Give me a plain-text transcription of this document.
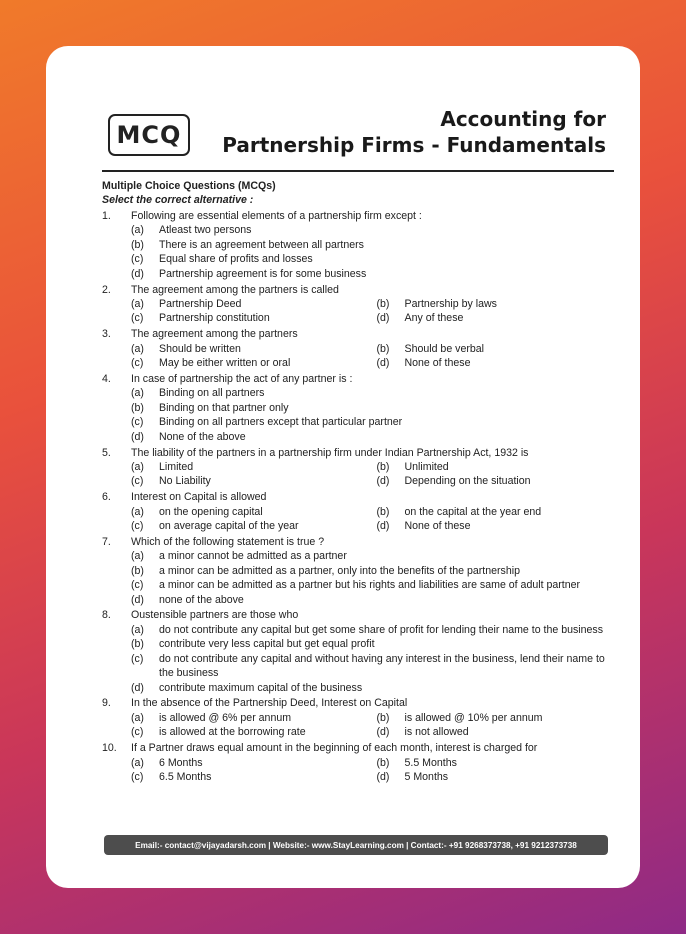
MCQ
Accounting for
Partnership Firms - Fundamentals
Multiple Choice Questions (MCQs)
Select the correct alternative :
1.	Following are essential elements of a partnership firm except :
(a)	Atleast two persons
(b)	There is an agreement between all partners
(c)	Equal share of profits and losses
(d)	Partnership agreement is for some business
2.	The agreement among the partners is called
(a)	Partnership Deed	(b)	Partnership by laws
(c)	Partnership constitution	(d)	Any of these
3.	The agreement among the partners
(a)	Should be written	(b)	Should be verbal
(c)	May be either written or oral	(d)	None of these
4.	In case of partnership the act of any partner is :
(a)	Binding on all partners
(b)	Binding on that partner only
(c)	Binding on all partners except that particular partner
(d)	None of the above
5.	The liability of the partners in a partnership firm under Indian Partnership Act, 1932 is
(a)	Limited	(b)	Unlimited
(c)	No Liability	(d)	Depending on the situation
6.	Interest on Capital is allowed
(a)	on the opening capital	(b)	on the capital at the year end
(c)	on average capital of the year	(d)	None of these
7.	Which of the following statement is true ?
(a)	a minor cannot be admitted as a partner
(b)	a minor can be admitted as a partner, only into the benefits of the partnership
(c)	a minor can be admitted as a partner but his rights and liabilities are same of adult partner
(d)	none of the above
8.	Oustensible partners are those who
(a)	do not contribute any capital but get some share of profit for lending their name to the business
(b)	contribute very less capital but get equal profit
(c)	do not contribute any capital and without having any interest in the business, lend their name to the business
(d)	contribute maximum capital of the business
9.	In the absence of the Partnership Deed, Interest on Capital
(a)	is allowed @ 6% per annum	(b)	is allowed @ 10% per annum
(c)	is allowed at the borrowing rate	(d)	is not allowed
10.	If a Partner draws equal amount in the beginning of each month, interest is charged for
(a)	6 Months	(b)	5.5 Months
(c)	6.5 Months	(d)	5 Months
Email:- contact@vijayadarsh.com | Website:- www.StayLearning.com | Contact:- +91 9268373738, +91 9212373738
